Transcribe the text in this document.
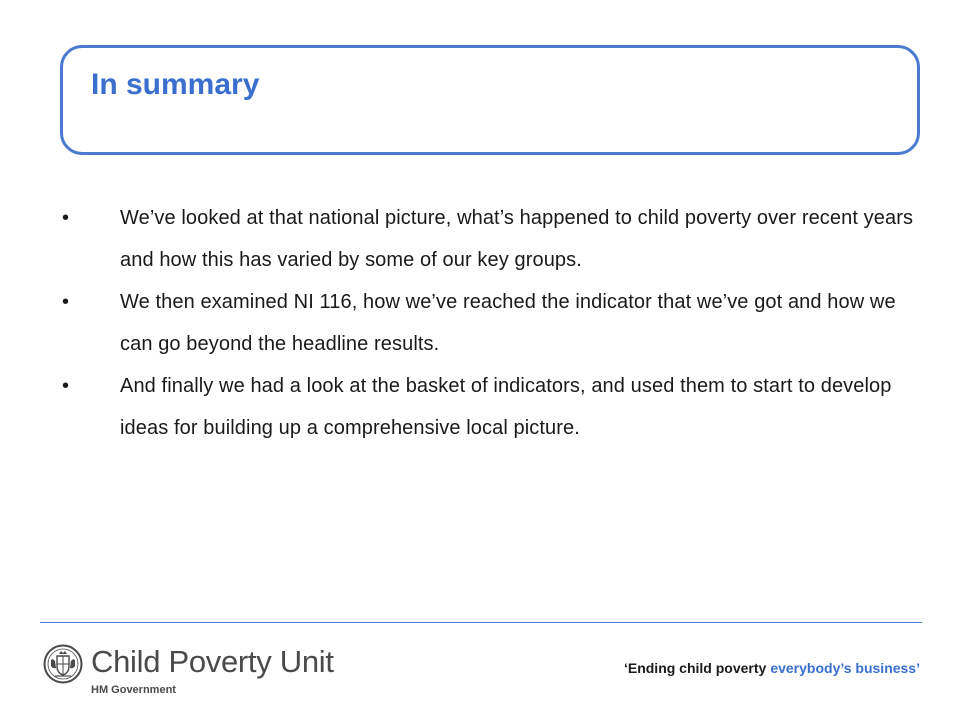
In summary
•	We’ve looked at that national picture, what’s happened to child poverty over recent years and how this has varied by some of our key groups.
•	We then examined NI 116, how we’ve reached the indicator that we’ve got and how we can go beyond the headline results.
•	And finally we had a look at the basket of indicators, and used them to start to develop ideas for building up a comprehensive local picture.
Child Poverty Unit
HM Government
‘Ending child poverty everybody’s business’
